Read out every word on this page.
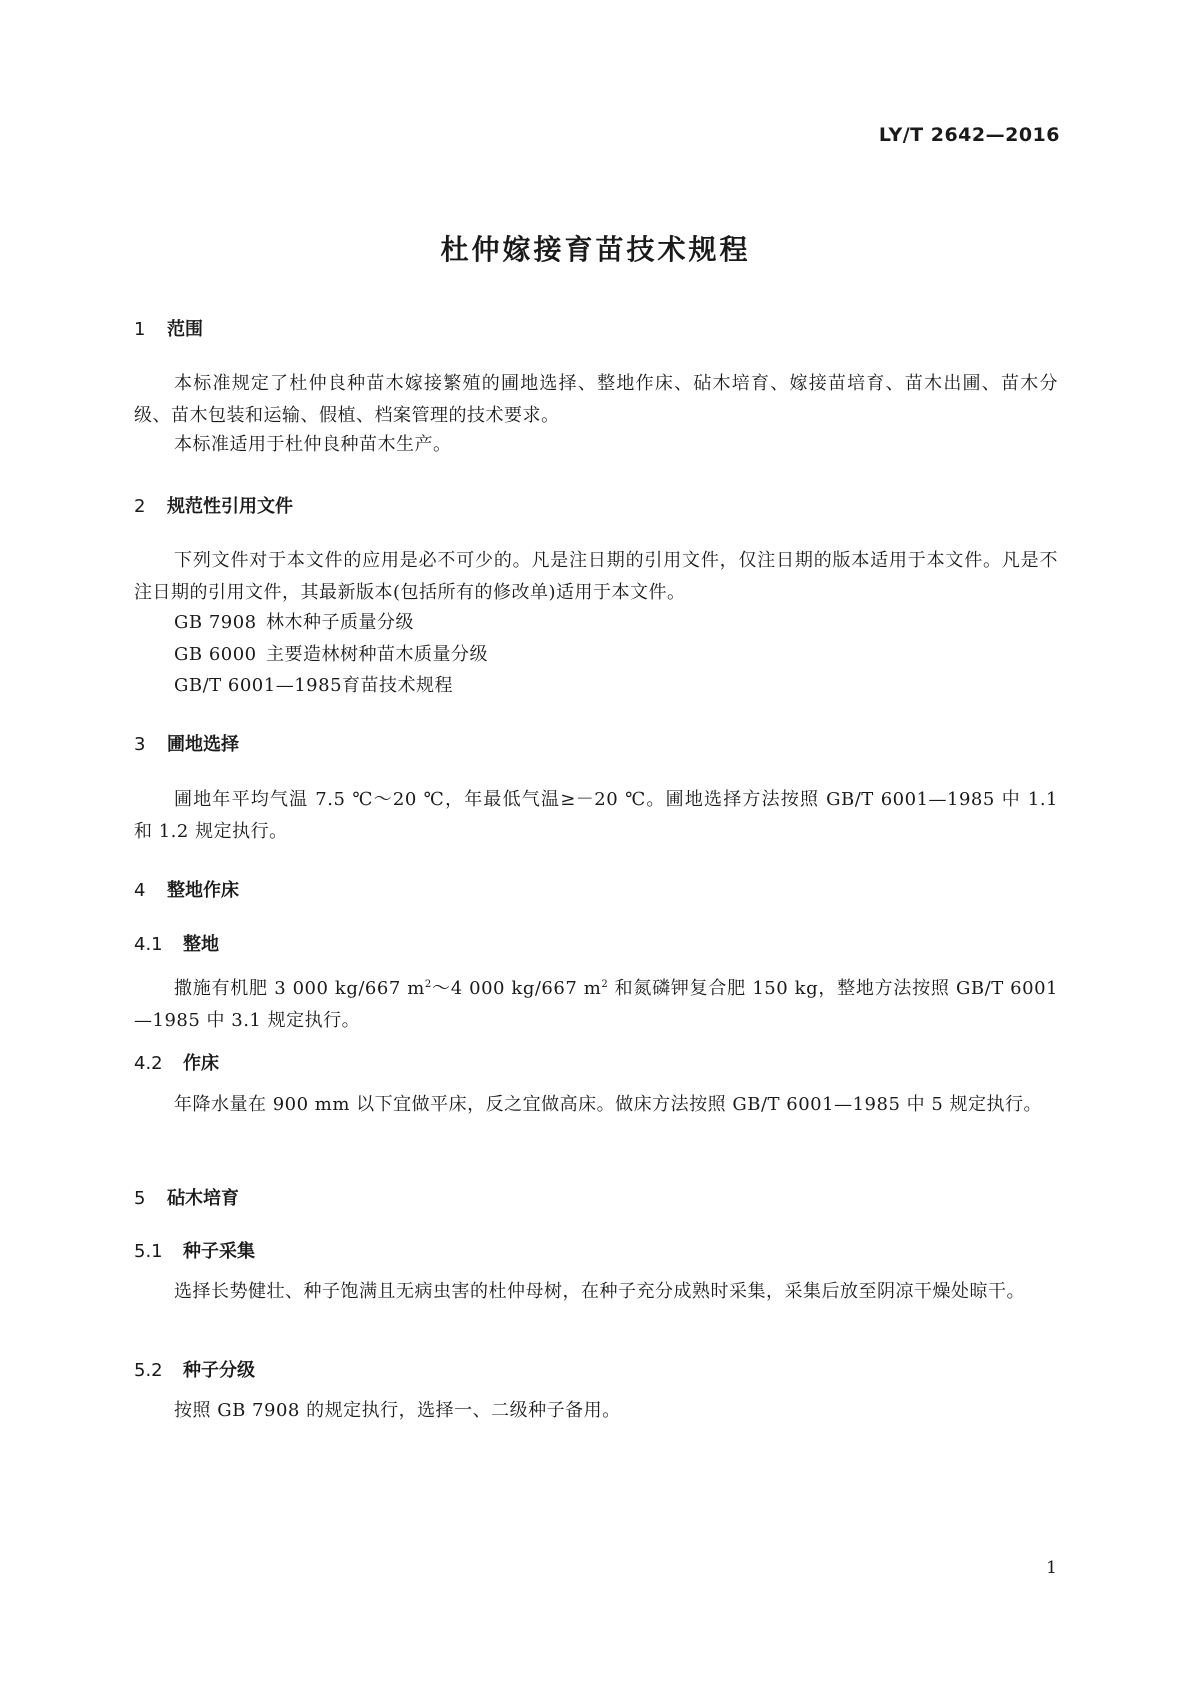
LY/T 2642—2016
杜仲嫁接育苗技术规程
1 范围
本标准规定了杜仲良种苗木嫁接繁殖的圃地选择、整地作床、砧木培育、嫁接苗培育、苗木出圃、苗木分级、苗木包装和运输、假植、档案管理的技术要求。
本标准适用于杜仲良种苗木生产。
2 规范性引用文件
下列文件对于本文件的应用是必不可少的。凡是注日期的引用文件，仅注日期的版本适用于本文件。凡是不注日期的引用文件，其最新版本(包括所有的修改单)适用于本文件。
GB 7908 林木种子质量分级
GB 6000 主要造林树种苗木质量分级
GB/T 6001—1985育苗技术规程
3 圃地选择
圃地年平均气温 7.5 ℃～20 ℃，年最低气温≥－20 ℃。圃地选择方法按照 GB/T 6001—1985 中 1.1 和 1.2 规定执行。
4 整地作床
4.1 整地
撒施有机肥 3 000 kg/667 $m^2\sim 4$ 000 kg/667 $m^2$ 和氮磷钾复合肥 150 kg，整地方法按照 GB/T 6001—1985 中 3.1 规定执行。
4.2 作床
年降水量在 900 mm 以下宜做平床，反之宜做高床。做床方法按照 GB/T 6001—1985 中 5 规定执行。
5 砧木培育
5.1 种子采集
选择长势健壮、种子饱满且无病虫害的杜仲母树，在种子充分成熟时采集，采集后放至阴凉干燥处晾干。
5.2 种子分级
按照 GB 7908 的规定执行，选择一、二级种子备用。
1
